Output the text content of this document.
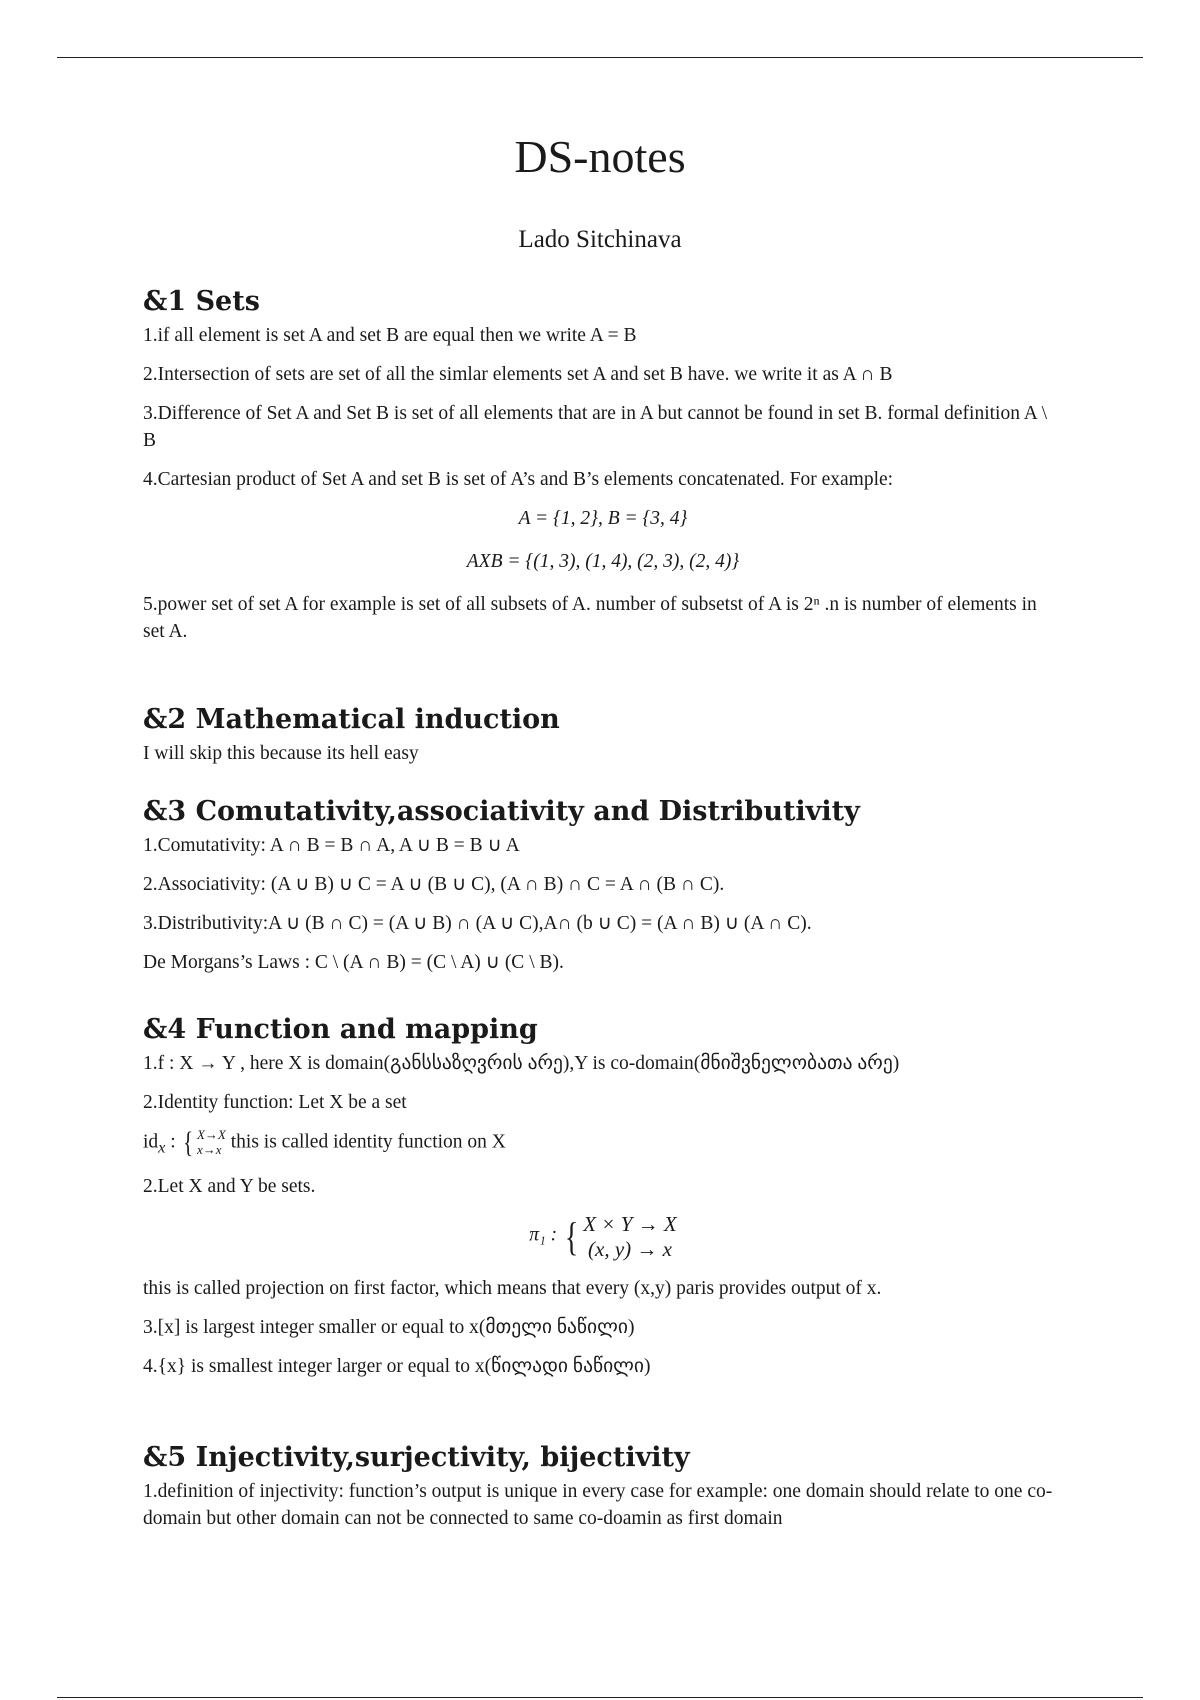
DS-notes
Lado Sitchinava
&1 Sets

1.if all element is set A and set B are equal then we write A = B

2.Intersection of sets are set of all the simlar elements set A and set B have. we write it as A ∩ B

3.Difference of Set A and Set B is set of all elements that are in A but cannot be found in set B. formal definition A \ B

4.Cartesian product of Set A and set B is set of A’s and B’s elements concatenated. For example:

A = {1, 2}, B = {3, 4}
AXB = {(1, 3), (1, 4), (2, 3), (2, 4)}

5.power set of set A for example is set of all subsets of A. number of subsetst of A is 2ⁿ .n is number of elements in set A.

&2 Mathematical induction

I will skip this because its hell easy

&3 Comutativity,associativity and Distributivity

1.Comutativity: A ∩ B = B ∩ A, A ∪ B = B ∪ A

2.Associativity: (A ∪ B) ∪ C = A ∪ (B ∪ C), (A ∩ B) ∩ C = A ∩ (B ∩ C).

3.Distributivity:A ∪ (B ∩ C) = (A ∪ B) ∩ (A ∪ C),A∩ (b ∪ C) = (A ∩ B) ∪ (A ∩ C).

De Morgans’s Laws : C \ (A ∩ B) = (C \ A) ∪ (C \ B).

&4 Function and mapping

1.f : X → Y , here X is domain(განსსაზღვრის არე),Y is co-domain(მნიშვნელობათა არე)

2.Identity function: Let X be a set

$id_x$ : { X→X
x→x this is called identity function on X

2.Let X and Y be sets.

π₁ : { X × Y → X
(x, y) → x

this is called projection on first factor, which means that every (x,y) paris provides output of x.

3.[x] is largest integer smaller or equal to x(მთელი ნაწილი)

4.{x} is smallest integer larger or equal to x(წილადი ნაწილი)

&5 Injectivity,surjectivity, bijectivity

1.definition of injectivity: function’s output is unique in every case for example: one domain should relate to one co-domain but other domain can not be connected to same co-doamin as first domain
